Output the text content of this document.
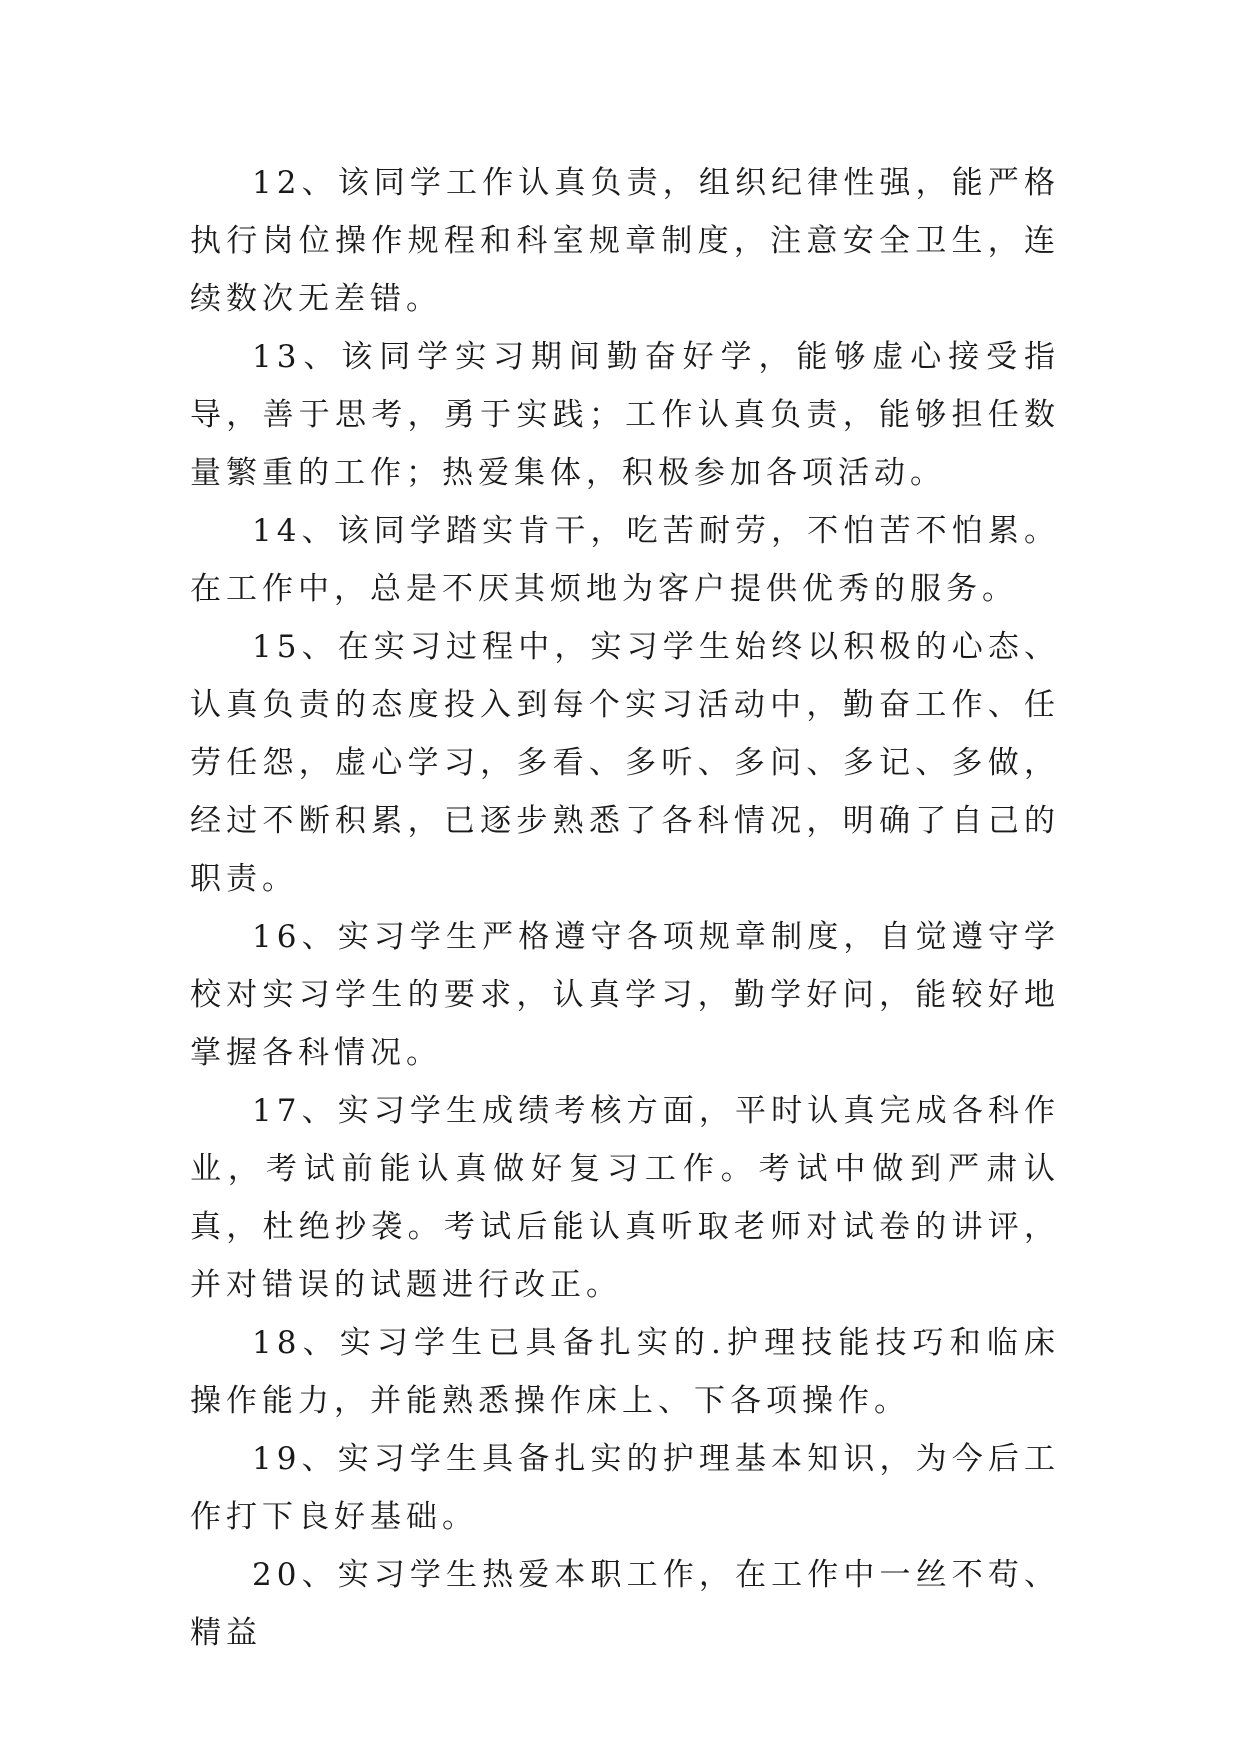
12、该同学工作认真负责，组织纪律性强，能严格执行岗位操作规程和科室规章制度，注意安全卫生，连续数次无差错。

13、该同学实习期间勤奋好学，能够虚心接受指导，善于思考，勇于实践；工作认真负责，能够担任数量繁重的工作；热爱集体，积极参加各项活动。

14、该同学踏实肯干，吃苦耐劳，不怕苦不怕累。在工作中，总是不厌其烦地为客户提供优秀的服务。

15、在实习过程中，实习学生始终以积极的心态、认真负责的态度投入到每个实习活动中，勤奋工作、任劳任怨，虚心学习，多看、多听、多问、多记、多做，经过不断积累，已逐步熟悉了各科情况，明确了自己的职责。

16、实习学生严格遵守各项规章制度，自觉遵守学校对实习学生的要求，认真学习，勤学好问，能较好地掌握各科情况。

17、实习学生成绩考核方面，平时认真完成各科作业，考试前能认真做好复习工作。考试中做到严肃认真，杜绝抄袭。考试后能认真听取老师对试卷的讲评，并对错误的试题进行改正。

18、实习学生已具备扎实的.护理技能技巧和临床操作能力，并能熟悉操作床上、下各项操作。

19、实习学生具备扎实的护理基本知识，为今后工作打下良好基础。

20、实习学生热爱本职工作，在工作中一丝不苟、精益
